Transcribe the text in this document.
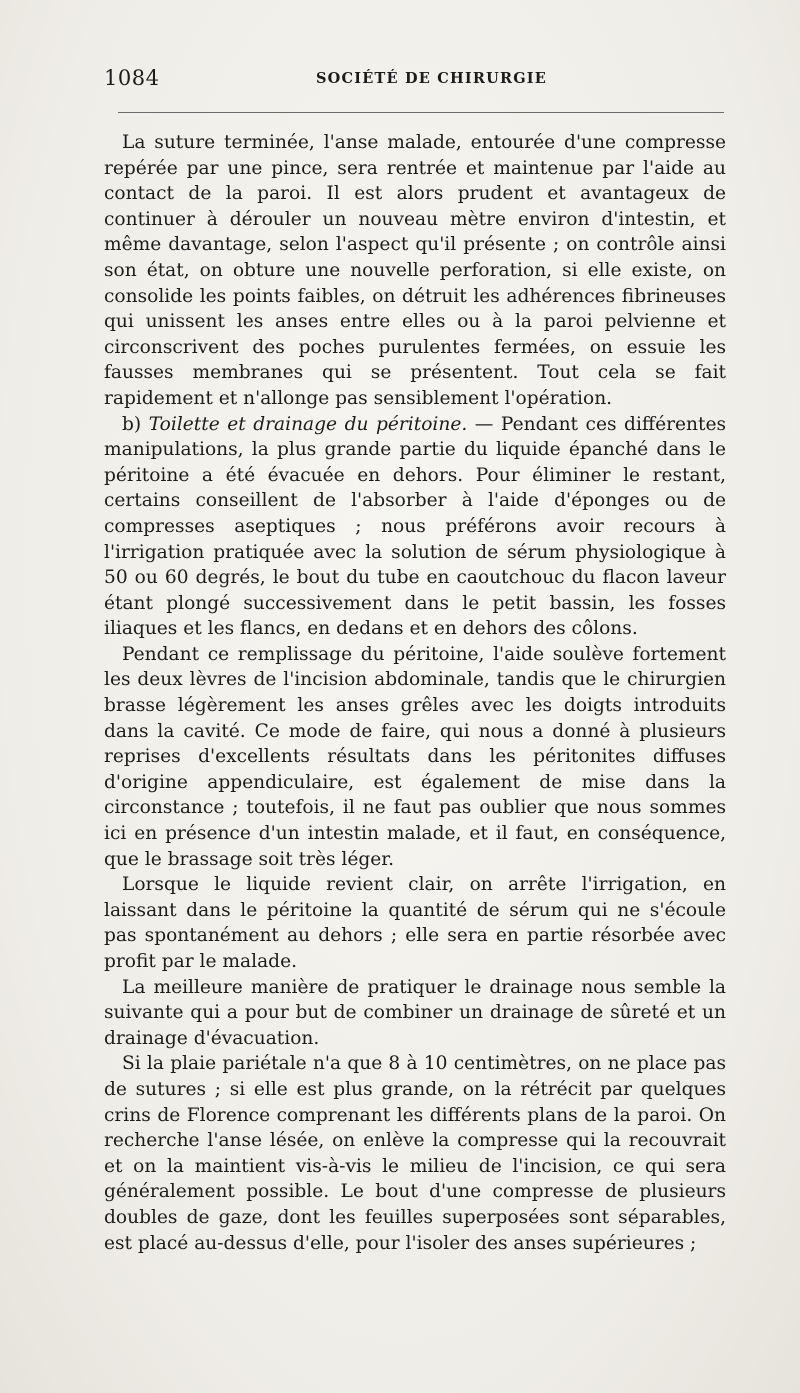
1084	SOCIÉTÉ DE CHIRURGIE

La suture terminée, l'anse malade, entourée d'une compresse repérée par une pince, sera rentrée et maintenue par l'aide au contact de la paroi. Il est alors prudent et avantageux de continuer à dérouler un nouveau mètre environ d'intestin, et même davantage, selon l'aspect qu'il présente ; on contrôle ainsi son état, on obture une nouvelle perforation, si elle existe, on consolide les points faibles, on détruit les adhérences fibrineuses qui unissent les anses entre elles ou à la paroi pelvienne et circonscrivent des poches purulentes fermées, on essuie les fausses membranes qui se présentent. Tout cela se fait rapidement et n'allonge pas sensiblement l'opération.

b) Toilette et drainage du péritoine. — Pendant ces différentes manipulations, la plus grande partie du liquide épanché dans le péritoine a été évacuée en dehors. Pour éliminer le restant, certains conseillent de l'absorber à l'aide d'éponges ou de compresses aseptiques ; nous préférons avoir recours à l'irrigation pratiquée avec la solution de sérum physiologique à 50 ou 60 degrés, le bout du tube en caoutchouc du flacon laveur étant plongé successivement dans le petit bassin, les fosses iliaques et les flancs, en dedans et en dehors des côlons.

Pendant ce remplissage du péritoine, l'aide soulève fortement les deux lèvres de l'incision abdominale, tandis que le chirurgien brasse légèrement les anses grêles avec les doigts introduits dans la cavité. Ce mode de faire, qui nous a donné à plusieurs reprises d'excellents résultats dans les péritonites diffuses d'origine appendiculaire, est également de mise dans la circonstance ; toutefois, il ne faut pas oublier que nous sommes ici en présence d'un intestin malade, et il faut, en conséquence, que le brassage soit très léger.

Lorsque le liquide revient clair, on arrête l'irrigation, en laissant dans le péritoine la quantité de sérum qui ne s'écoule pas spontanément au dehors ; elle sera en partie résorbée avec profit par le malade.

La meilleure manière de pratiquer le drainage nous semble la suivante qui a pour but de combiner un drainage de sûreté et un drainage d'évacuation.

Si la plaie pariétale n'a que 8 à 10 centimètres, on ne place pas de sutures ; si elle est plus grande, on la rétrécit par quelques crins de Florence comprenant les différents plans de la paroi. On recherche l'anse lésée, on enlève la compresse qui la recouvrait et on la maintient vis-à-vis le milieu de l'incision, ce qui sera généralement possible. Le bout d'une compresse de plusieurs doubles de gaze, dont les feuilles superposées sont séparables, est placé au-dessus d'elle, pour l'isoler des anses supérieures ;
